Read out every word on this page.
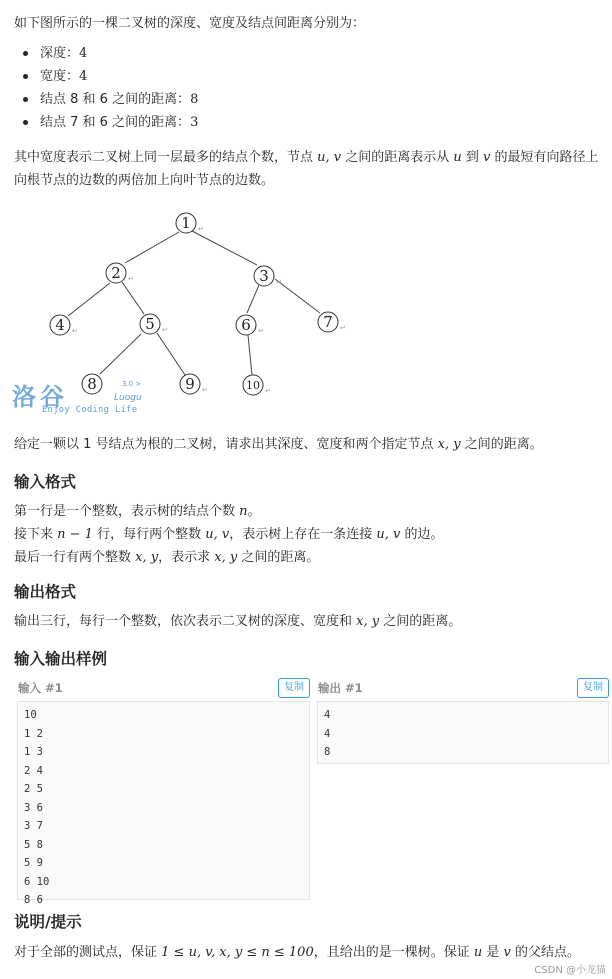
如下图所示的一棵二叉树的深度、宽度及结点间距离分别为：
深度：4
宽度：4
结点 8 和 6 之间的距离：8
结点 7 和 6 之间的距离：3
其中宽度表示二叉树上同一层最多的结点个数，节点 u, v 之间的距离表示从 u 到 v 的最短有向路径上
向根节点的边数的两倍加上向叶节点的边数。
1
2	3
4	5	6	7
8	9	10
↵
↵	↵
↵	↵	↵	↵
↵	↵
洛谷	3.0 >
Luogu
Enjoy Coding Life
给定一颗以 1 号结点为根的二叉树，请求出其深度、宽度和两个指定节点 x, y 之间的距离。
输入格式
第一行是一个整数，表示树的结点个数 n。
接下来 n − 1 行，每行两个整数 u, v，表示树上存在一条连接 u, v 的边。
最后一行有两个整数 x, y，表示求 x, y 之间的距离。
输出格式
输出三行，每行一个整数，依次表示二叉树的深度、宽度和 x, y 之间的距离。
输入输出样例
输入 #1	复制
10
1 2
1 3
2 4
2 5
3 6
3 7
5 8
5 9
6 10
8 6
输出 #1	复制
4
4
8
说明/提示
对于全部的测试点，保证 1 ≤ u, v, x, y ≤ n ≤ 100，且给出的是一棵树。保证 u 是 v 的父结点。
CSDN @小龙猫
